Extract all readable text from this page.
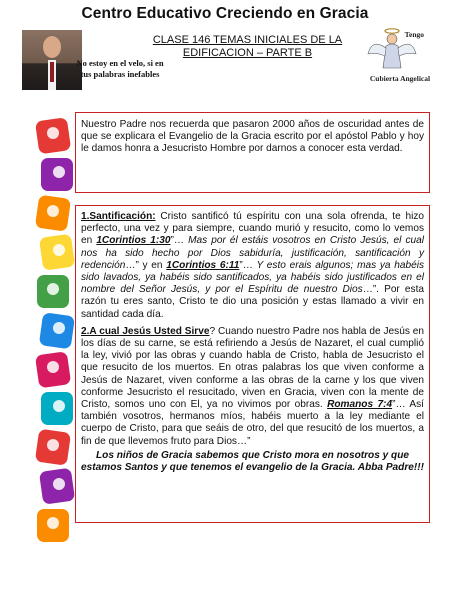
Centro Educativo Creciendo en Gracia
No estoy en el velo, si en tus palabras inefables
CLASE 146 TEMAS INICIALES DE LA EDIFICACION – PARTE B
Tengo
Cubierta Angelical
Nuestro Padre nos recuerda que pasaron 2000 años de oscuridad antes de que se explicara el Evangelio de la Gracia escrito por el apóstol Pablo y hoy le damos honra a Jesucristo Hombre por darnos a conocer esta verdad.
1.Santificación: Cristo santificó tú espíritu con una sola ofrenda, te hizo perfecto, una vez y para siempre, cuando murió y resucito, como lo vemos en 1Corintios 1:30”… Mas por él estáis vosotros en Cristo Jesús, el cual nos ha sido hecho por Dios sabiduría, justificación, santificación y redención…” y en 1Corintios 6:11”… Y esto erais algunos; mas ya habéis sido lavados, ya habéis sido santificados, ya habéis sido justificados en el nombre del Señor Jesús, y por el Espíritu de nuestro Dios…”. Por esta razón tu eres santo, Cristo te dio una posición y estas llamado a vivir en santidad cada día.
2.A cual Jesús Usted Sirve? Cuando nuestro Padre nos habla de Jesús en los días de su carne, se está refiriendo a Jesús de Nazaret, el cual cumplió la ley, vivió por las obras y cuando habla de Cristo, habla de Jesucristo el que resucito de los muertos. En otras palabras los que viven conforme a Jesús de Nazaret, viven conforme a las obras de la carne y los que viven conforme Jesucristo el resucitado, viven en Gracia, viven con la mente de Cristo, somos uno con El, ya no vivimos por obras. Romanos 7:4”… Así también vosotros, hermanos míos, habéis muerto a la ley mediante el cuerpo de Cristo, para que seáis de otro, del que resucitó de los muertos, a fin de que llevemos fruto para Dios…”
Los niños de Gracia sabemos que Cristo mora en nosotros y que estamos Santos y que tenemos el evangelio de la Gracia. Abba Padre!!!
